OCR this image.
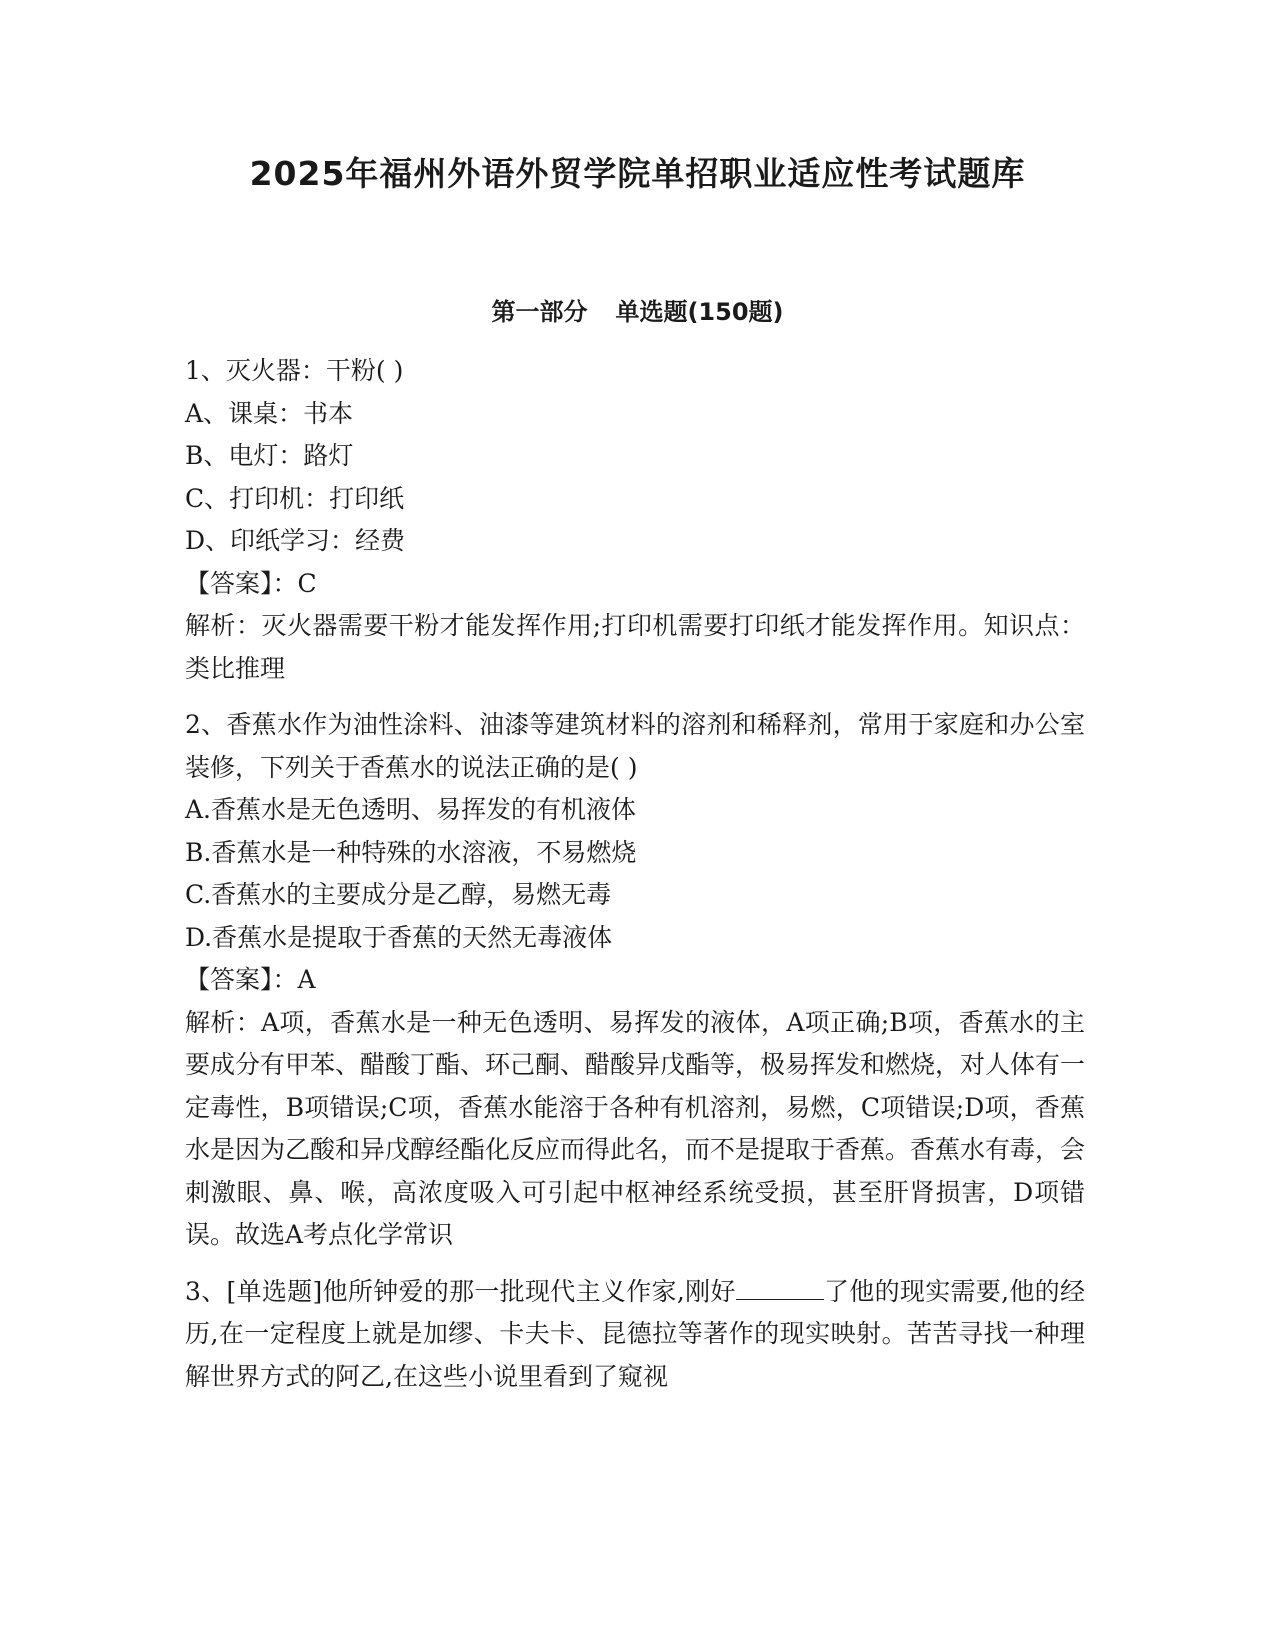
2025年福州外语外贸学院单招职业适应性考试题库
第一部分 单选题(150题)

1、灭火器：干粉( )

A、课桌：书本

B、电灯：路灯

C、打印机：打印纸

D、印纸学习：经费

【答案】：C

解析：灭火器需要干粉才能发挥作用;打印机需要打印纸才能发挥作用。知识点：类比推理

2、香蕉水作为油性涂料、油漆等建筑材料的溶剂和稀释剂，常用于家庭和办公室装修，下列关于香蕉水的说法正确的是( )

A.香蕉水是无色透明、易挥发的有机液体

B.香蕉水是一种特殊的水溶液，不易燃烧

C.香蕉水的主要成分是乙醇，易燃无毒

D.香蕉水是提取于香蕉的天然无毒液体

【答案】：A

解析：A项，香蕉水是一种无色透明、易挥发的液体，A项正确;B项，香蕉水的主要成分有甲苯、醋酸丁酯、环己酮、醋酸异戊酯等，极易挥发和燃烧，对人体有一定毒性，B项错误;C项，香蕉水能溶于各种有机溶剂，易燃，C项错误;D项，香蕉水是因为乙酸和异戊醇经酯化反应而得此名，而不是提取于香蕉。香蕉水有毒，会刺激眼、鼻、喉，高浓度吸入可引起中枢神经系统受损，甚至肝肾损害，D项错误。故选A考点化学常识

3、[单选题]他所钟爱的那一批现代主义作家,刚好	了他的现实需要,他的经历,在一定程度上就是加缪、卡夫卡、昆德拉等著作的现实映射。苦苦寻找一种理解世界方式的阿乙,在这些小说里看到了窥视
